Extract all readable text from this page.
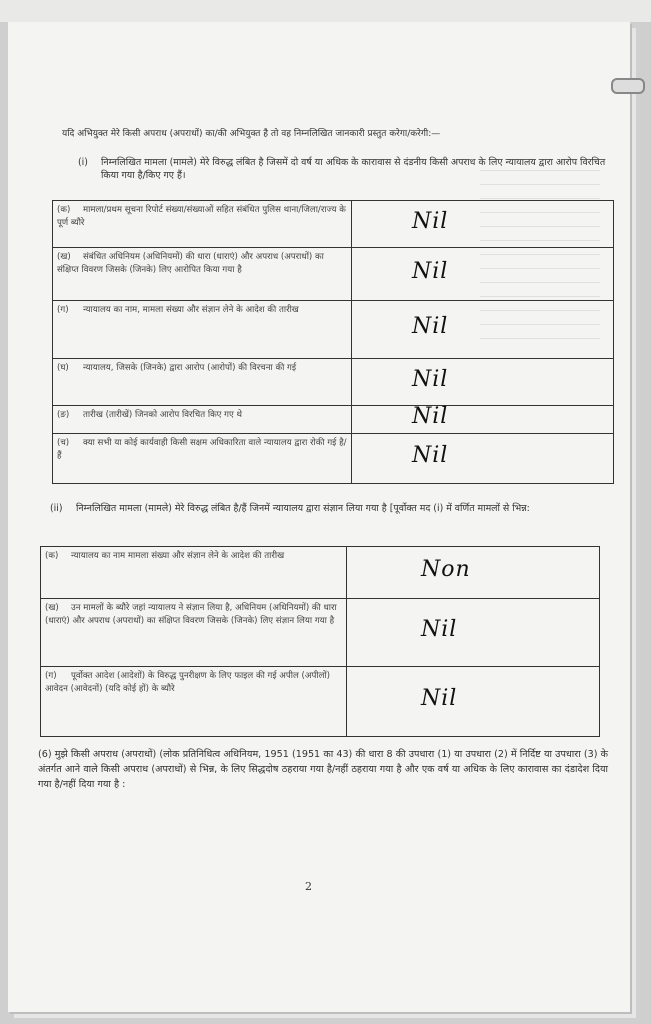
यदि अभियुक्त मेरे किसी अपराध (अपराधों) का/की अभियुक्त है तो वह निम्नलिखित जानकारी प्रस्तुत करेगा/करेगी:—
(i) निम्नलिखित मामला (मामले) मेरे विरुद्ध लंबित है जिसमें दो वर्ष या अधिक के कारावास से दंडनीय किसी अपराध के लिए न्यायालय द्वारा आरोप विरचित किया गया है/किए गए हैं।
(क) मामला/प्रथम सूचना रिपोर्ट संख्या/संख्याओं सहित संबंधित पुलिस थाना/जिला/राज्य के पूर्ण ब्यौरे	Nil
(ख) संबंधित अधिनियम (अधिनियमों) की धारा (धाराएं) और अपराध (अपराधों) का संक्षिप्त विवरण जिसके (जिनके) लिए आरोपित किया गया है	Nil
(ग) न्यायालय का नाम, मामला संख्या और संज्ञान लेने के आदेश की तारीख	Nil
(घ) न्यायालय, जिसके (जिनके) द्वारा आरोप (आरोपों) की विरचना की गई	Nil
(ङ) तारीख (तारीखें) जिनको आरोप विरचित किए गए थे	Nil
(च) क्या सभी या कोई कार्यवाही किसी सक्षम अधिकारिता वाले न्यायालय द्वारा रोकी गई है/हैं	Nil
(ii) निम्नलिखित मामला (मामले) मेरे विरुद्ध लंबित है/हैं जिनमें न्यायालय द्वारा संज्ञान लिया गया है [पूर्वोक्त मद (i) में वर्णित मामलों से भिन्न:
(क) न्यायालय का नाम मामला संख्या और संज्ञान लेने के आदेश की तारीख	Non
(ख) उन मामलों के ब्यौरे जहां न्यायालय ने संज्ञान लिया है, अधिनियम (अधिनियमों) की धारा (धाराएं) और अपराध (अपराधों) का संक्षिप्त विवरण जिसके (जिनके) लिए संज्ञान लिया गया है	Nil
(ग) पूर्वोक्त आदेश (आदेशों) के विरुद्ध पुनरीक्षण के लिए फाइल की गई अपील (अपीलों) आवेदन (आवेदनों) (यदि कोई हों) के ब्यौरे	Nil
(6) मुझे किसी अपराध (अपराधों) (लोक प्रतिनिधित्व अधिनियम, 1951 (1951 का 43) की धारा 8 की उपधारा (1) या उपधारा (2) में निर्दिष्ट या उपधारा (3) के अंतर्गत आने वाले किसी अपराध (अपराधों) से भिन्न, के लिए सिद्धदोष ठहराया गया है/नहीं ठहराया गया है और एक वर्ष या अधिक के लिए कारावास का दंडादेश दिया गया है/नहीं दिया गया है :
2
